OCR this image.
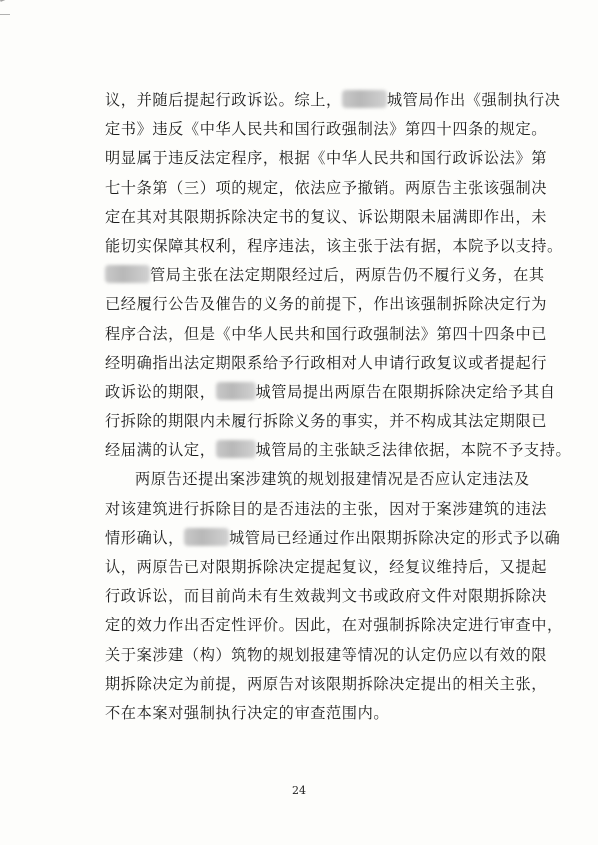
议，并随后提起行政诉讼。综上，	城管局作出《强制执行决
定书》违反《中华人民共和国行政强制法》第四十四条的规定。
明显属于违反法定程序，根据《中华人民共和国行政诉讼法》第
七十条第（三）项的规定，依法应予撤销。两原告主张该强制决
定在其对其限期拆除决定书的复议、诉讼期限未届满即作出，未
能切实保障其权利，程序违法，该主张于法有据，本院予以支持。
管局主张在法定期限经过后，两原告仍不履行义务，在其
已经履行公告及催告的义务的前提下，作出该强制拆除决定行为
程序合法，但是《中华人民共和国行政强制法》第四十四条中已
经明确指出法定期限系给予行政相对人申请行政复议或者提起行
政诉讼的期限，	城管局提出两原告在限期拆除决定给予其自
行拆除的期限内未履行拆除义务的事实，并不构成其法定期限已
经届满的认定，	城管局的主张缺乏法律依据，本院不予支持。
两原告还提出案涉建筑的规划报建情况是否应认定违法及
对该建筑进行拆除目的是否违法的主张，因对于案涉建筑的违法
情形确认，	城管局已经通过作出限期拆除决定的形式予以确
认，两原告已对限期拆除决定提起复议，经复议维持后，又提起
行政诉讼，而目前尚未有生效裁判文书或政府文件对限期拆除决
定的效力作出否定性评价。因此，在对强制拆除决定进行审查中，
关于案涉建（构）筑物的规划报建等情况的认定仍应以有效的限
期拆除决定为前提，两原告对该限期拆除决定提出的相关主张，
不在本案对强制执行决定的审查范围内。
24
